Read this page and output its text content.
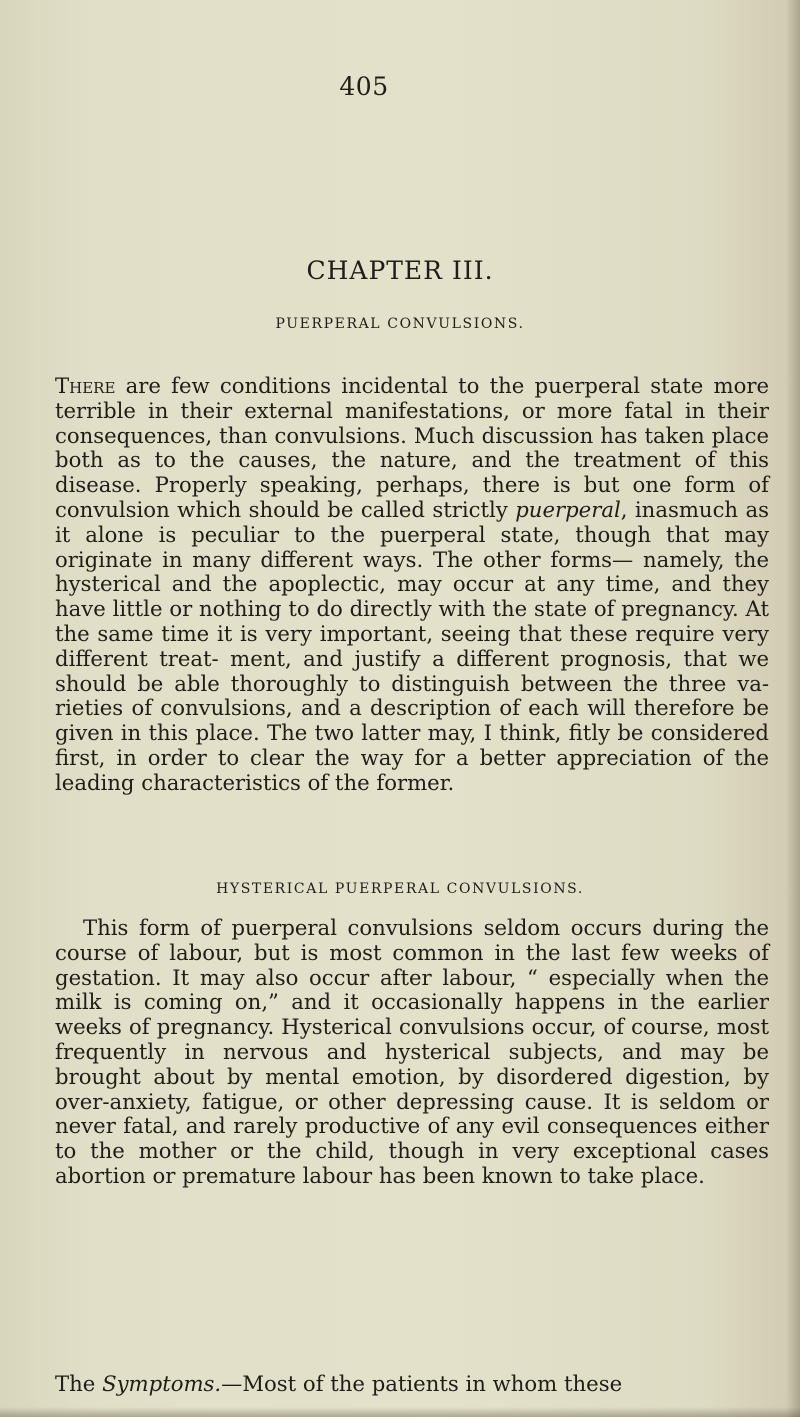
405
CHAPTER III.
PUERPERAL CONVULSIONS.

There are few conditions incidental to the puerperal state more terrible in their external manifestations, or more fatal in their consequences, than convulsions. Much discussion has taken place both as to the causes, the nature, and the treatment of this disease. Properly speaking, perhaps, there is but one form of convulsion which should be called strictly puerperal, inasmuch as it alone is peculiar to the puerperal state, though that may originate in many different ways. The other forms— namely, the hysterical and the apoplectic, may occur at any time, and they have little or nothing to do directly with the state of pregnancy. At the same time it is very important, seeing that these require very different treat- ment, and justify a different prognosis, that we should be able thoroughly to distinguish between the three va- rieties of convulsions, and a description of each will therefore be given in this place. The two latter may, I think, fitly be considered first, in order to clear the way for a better appreciation of the leading characteristics of the former.

HYSTERICAL PUERPERAL CONVULSIONS.

This form of puerperal convulsions seldom occurs during the course of labour, but is most common in the last few weeks of gestation. It may also occur after labour, “ especially when the milk is coming on,” and it occasionally happens in the earlier weeks of pregnancy. Hysterical convulsions occur, of course, most frequently in nervous and hysterical subjects, and may be brought about by mental emotion, by disordered digestion, by over-anxiety, fatigue, or other depressing cause. It is seldom or never fatal, and rarely productive of any evil consequences either to the mother or the child, though in very exceptional cases abortion or premature labour has been known to take place.

The Symptoms.—Most of the patients in whom these
